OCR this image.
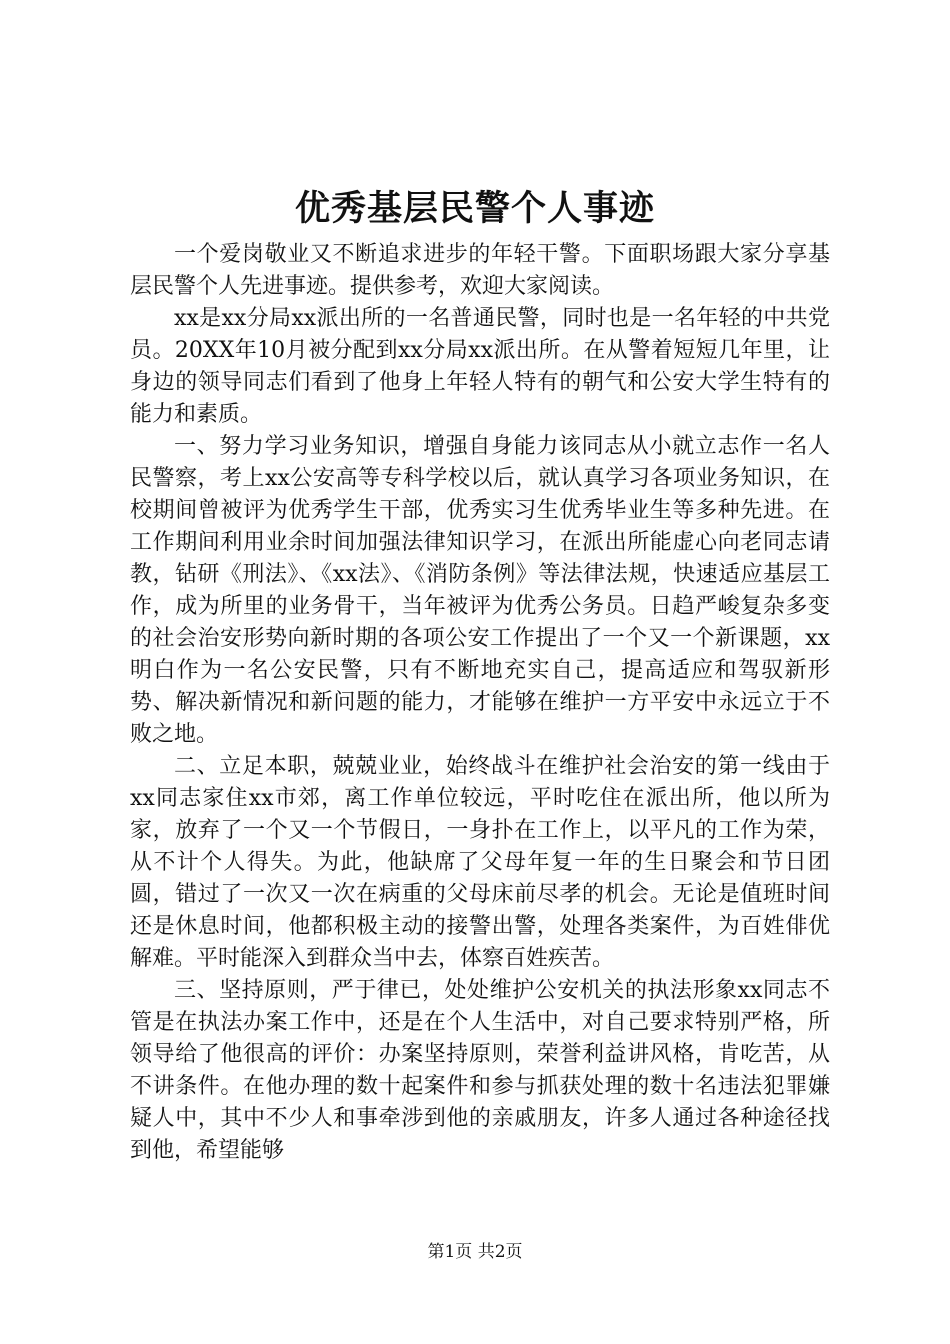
优秀基层民警个人事迹

一个爱岗敬业又不断追求进步的年轻干警。下面职场跟大家分享基层民警个人先进事迹。提供参考，欢迎大家阅读。

xx是xx分局xx派出所的一名普通民警，同时也是一名年轻的中共党员。20XX年10月被分配到xx分局xx派出所。在从警着短短几年里，让身边的领导同志们看到了他身上年轻人特有的朝气和公安大学生特有的能力和素质。

一、努力学习业务知识，增强自身能力该同志从小就立志作一名人民警察，考上xx公安高等专科学校以后，就认真学习各项业务知识，在校期间曾被评为优秀学生干部，优秀实习生优秀毕业生等多种先进。在工作期间利用业余时间加强法律知识学习，在派出所能虚心向老同志请教，钻研《刑法》、《xx法》、《消防条例》等法律法规，快速适应基层工作，成为所里的业务骨干，当年被评为优秀公务员。日趋严峻复杂多变的社会治安形势向新时期的各项公安工作提出了一个又一个新课题，xx明白作为一名公安民警，只有不断地充实自己，提高适应和驾驭新形势、解决新情况和新问题的能力，才能够在维护一方平安中永远立于不败之地。

二、立足本职，兢兢业业，始终战斗在维护社会治安的第一线由于xx同志家住xx市郊，离工作单位较远，平时吃住在派出所，他以所为家，放弃了一个又一个节假日，一身扑在工作上，以平凡的工作为荣，从不计个人得失。为此，他缺席了父母年复一年的生日聚会和节日团圆，错过了一次又一次在病重的父母床前尽孝的机会。无论是值班时间还是休息时间，他都积极主动的接警出警，处理各类案件，为百姓俳优解难。平时能深入到群众当中去，体察百姓疾苦。

三、坚持原则，严于律已，处处维护公安机关的执法形象xx同志不管是在执法办案工作中，还是在个人生活中，对自己要求特别严格，所领导给了他很高的评价：办案坚持原则，荣誉利益讲风格，肯吃苦，从不讲条件。在他办理的数十起案件和参与抓获处理的数十名违法犯罪嫌疑人中，其中不少人和事牵涉到他的亲戚朋友，许多人通过各种途径找到他，希望能够

第1页 共2页
